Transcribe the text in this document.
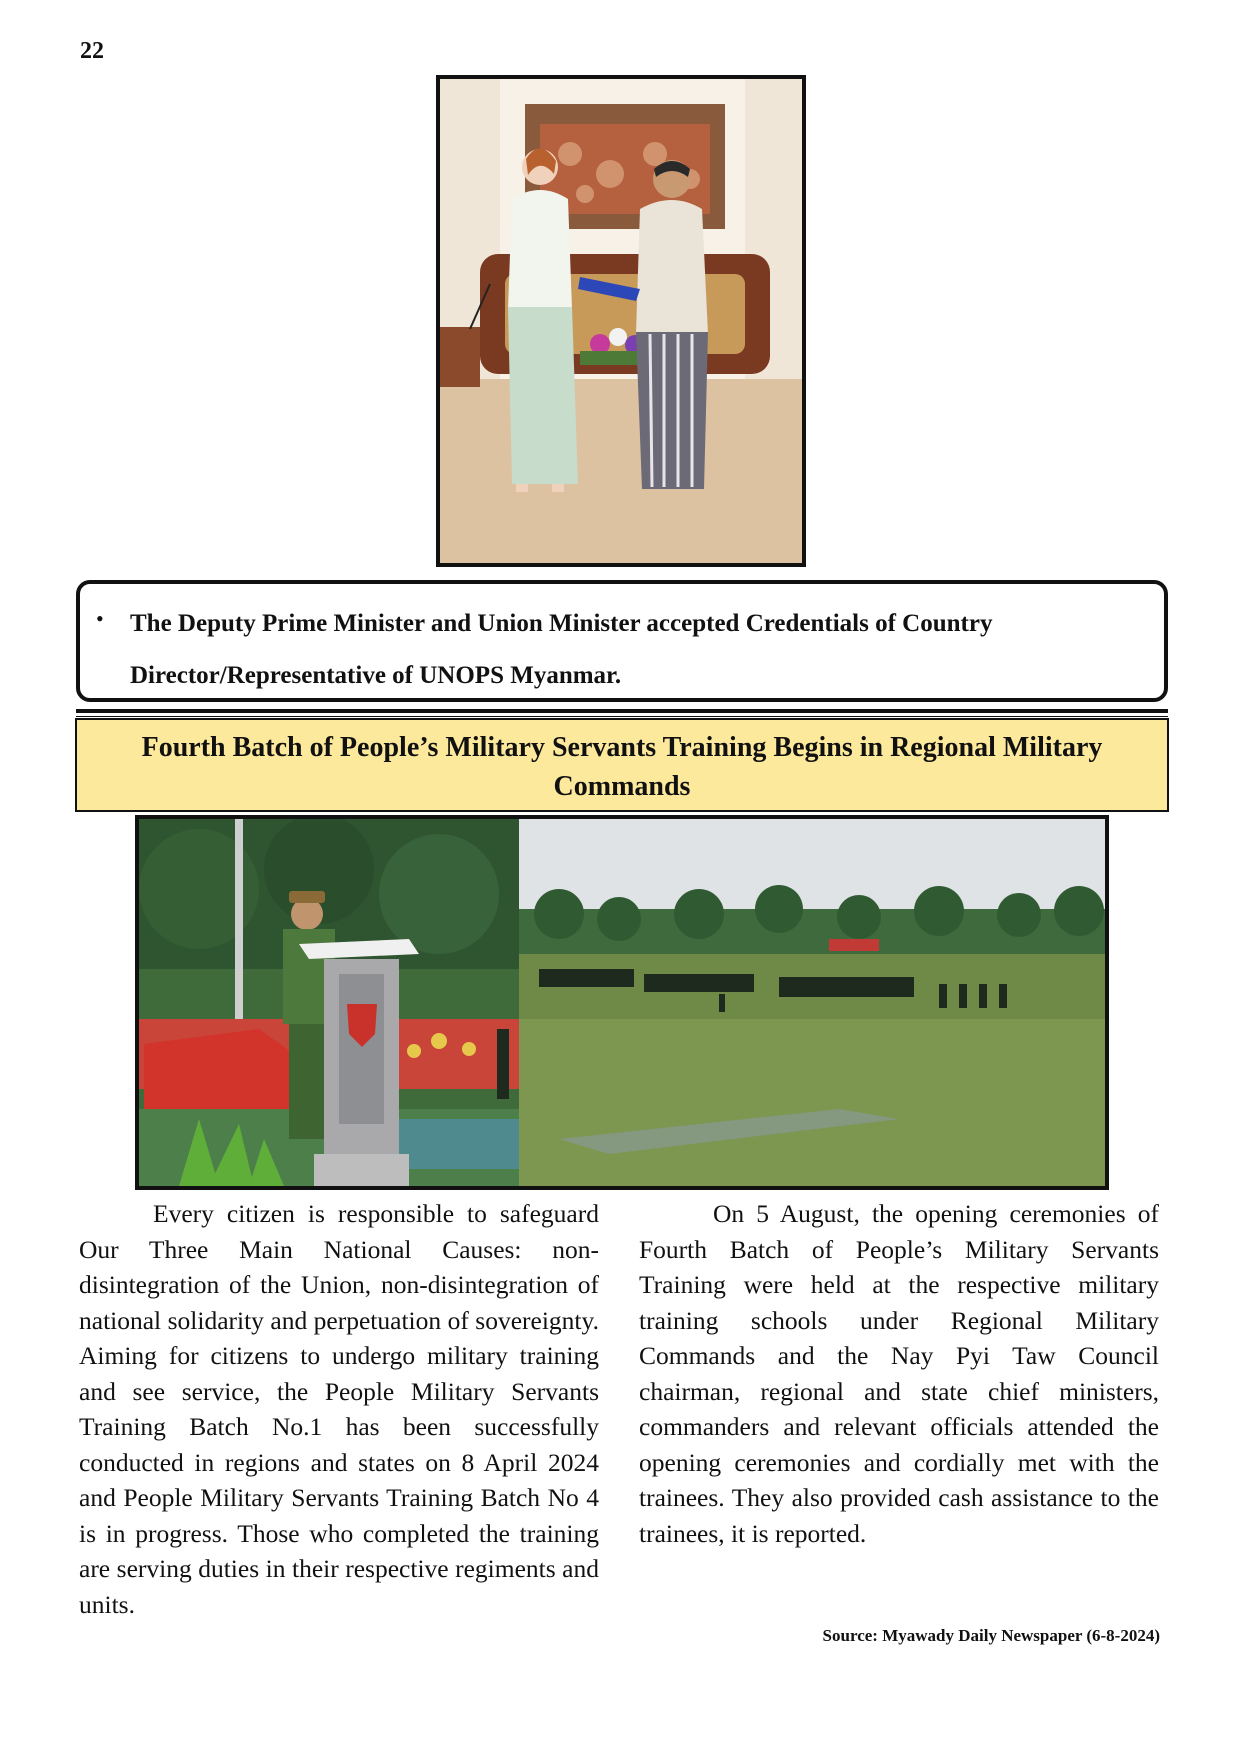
22
• The Deputy Prime Minister and Union Minister accepted Credentials of Country Director/Representative of UNOPS Myanmar.

Fourth Batch of People’s Military Servants Training Begins in Regional Military Commands

Every citizen is responsible to safeguard Our Three Main National Causes: non-disintegration of the Union, non-disintegration of national solidarity and perpetuation of sovereignty. Aiming for citizens to undergo military training and see service, the People Military Servants Training Batch No.1 has been successfully conducted in regions and states on 8 April 2024 and People Military Servants Training Batch No 4 is in progress. Those who completed the training are serving duties in their respective regiments and units.

On 5 August, the opening ceremonies of Fourth Batch of People’s Military Servants Training were held at the respective military training schools under Regional Military Commands and the Nay Pyi Taw Council chairman, regional and state chief ministers, commanders and relevant officials attended the opening ceremonies and cordially met with the trainees. They also provided cash assistance to the trainees, it is reported.

Source: Myawady Daily Newspaper (6-8-2024)
